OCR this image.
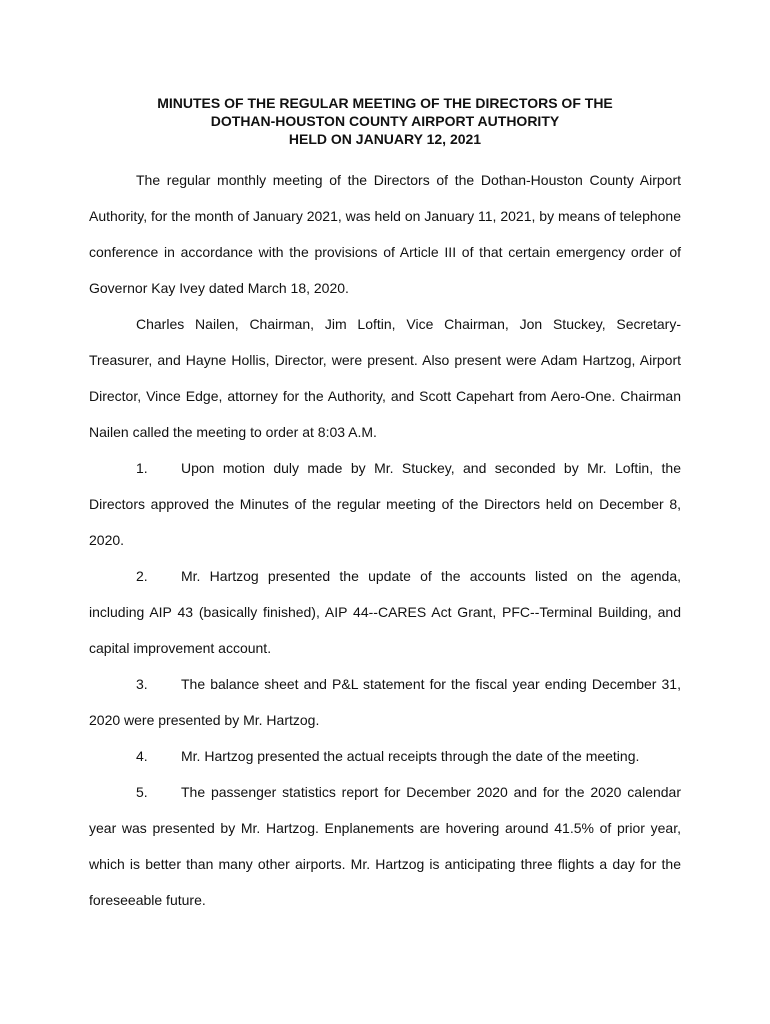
MINUTES OF THE REGULAR MEETING OF THE DIRECTORS OF THE
DOTHAN-HOUSTON COUNTY AIRPORT AUTHORITY
HELD ON JANUARY 12, 2021

The regular monthly meeting of the Directors of the Dothan-Houston County Airport Authority, for the month of January 2021, was held on January 11, 2021, by means of telephone conference in accordance with the provisions of Article III of that certain emergency order of Governor Kay Ivey dated March 18, 2020.

Charles Nailen, Chairman, Jim Loftin, Vice Chairman, Jon Stuckey, Secretary-Treasurer, and Hayne Hollis, Director, were present. Also present were Adam Hartzog, Airport Director, Vince Edge, attorney for the Authority, and Scott Capehart from Aero-One. Chairman Nailen called the meeting to order at 8:03 A.M.

1. Upon motion duly made by Mr. Stuckey, and seconded by Mr. Loftin, the Directors approved the Minutes of the regular meeting of the Directors held on December 8, 2020.

2. Mr. Hartzog presented the update of the accounts listed on the agenda, including AIP 43 (basically finished), AIP 44--CARES Act Grant, PFC--Terminal Building, and capital improvement account.

3. The balance sheet and P&L statement for the fiscal year ending December 31, 2020 were presented by Mr. Hartzog.

4. Mr. Hartzog presented the actual receipts through the date of the meeting.

5. The passenger statistics report for December 2020 and for the 2020 calendar year was presented by Mr. Hartzog. Enplanements are hovering around 41.5% of prior year, which is better than many other airports. Mr. Hartzog is anticipating three flights a day for the foreseeable future.
